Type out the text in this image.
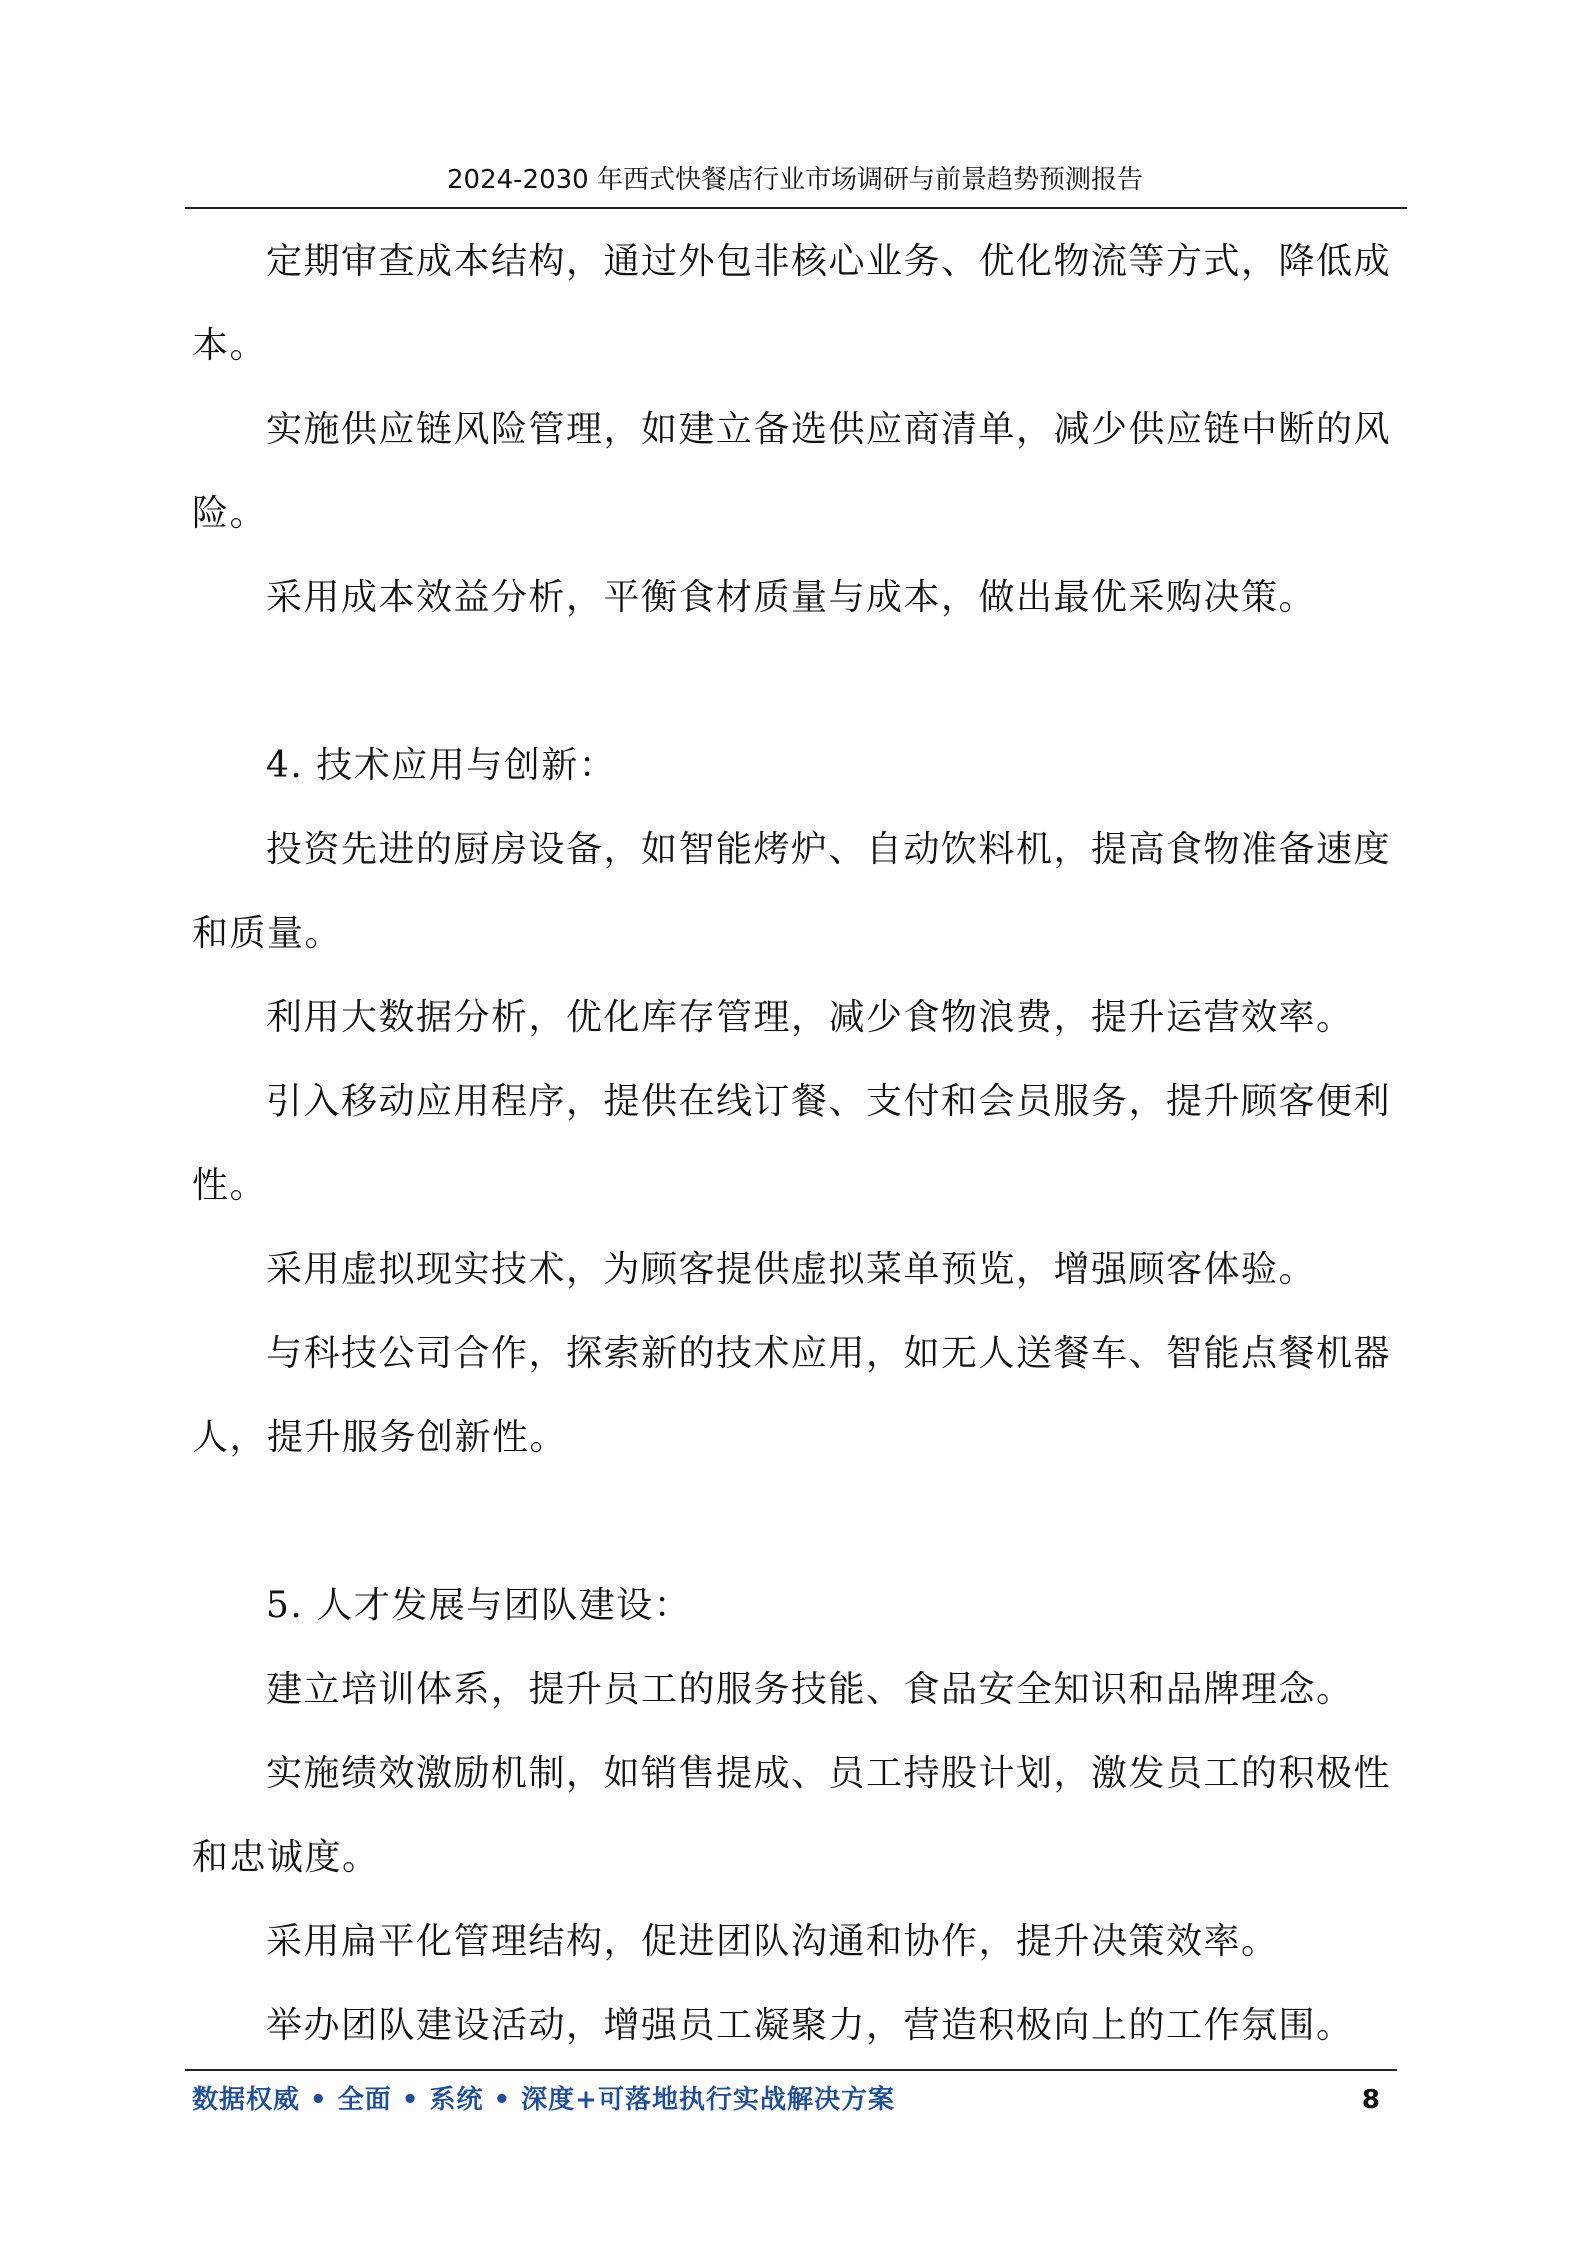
2024-2030 年西式快餐店行业市场调研与前景趋势预测报告

定期审查成本结构，通过外包非核心业务、优化物流等方式，降低成本。

实施供应链风险管理，如建立备选供应商清单，减少供应链中断的风险。

采用成本效益分析，平衡食材质量与成本，做出最优采购决策。

4. 技术应用与创新：

投资先进的厨房设备，如智能烤炉、自动饮料机，提高食物准备速度和质量。

利用大数据分析，优化库存管理，减少食物浪费，提升运营效率。

引入移动应用程序，提供在线订餐、支付和会员服务，提升顾客便利性。

采用虚拟现实技术，为顾客提供虚拟菜单预览，增强顾客体验。

与科技公司合作，探索新的技术应用，如无人送餐车、智能点餐机器人，提升服务创新性。

5. 人才发展与团队建设：

建立培训体系，提升员工的服务技能、食品安全知识和品牌理念。

实施绩效激励机制，如销售提成、员工持股计划，激发员工的积极性和忠诚度。

采用扁平化管理结构，促进团队沟通和协作，提升决策效率。

举办团队建设活动，增强员工凝聚力，营造积极向上的工作氛围。

数据权威 • 全面 • 系统 • 深度+可落地执行实战解决方案	8
